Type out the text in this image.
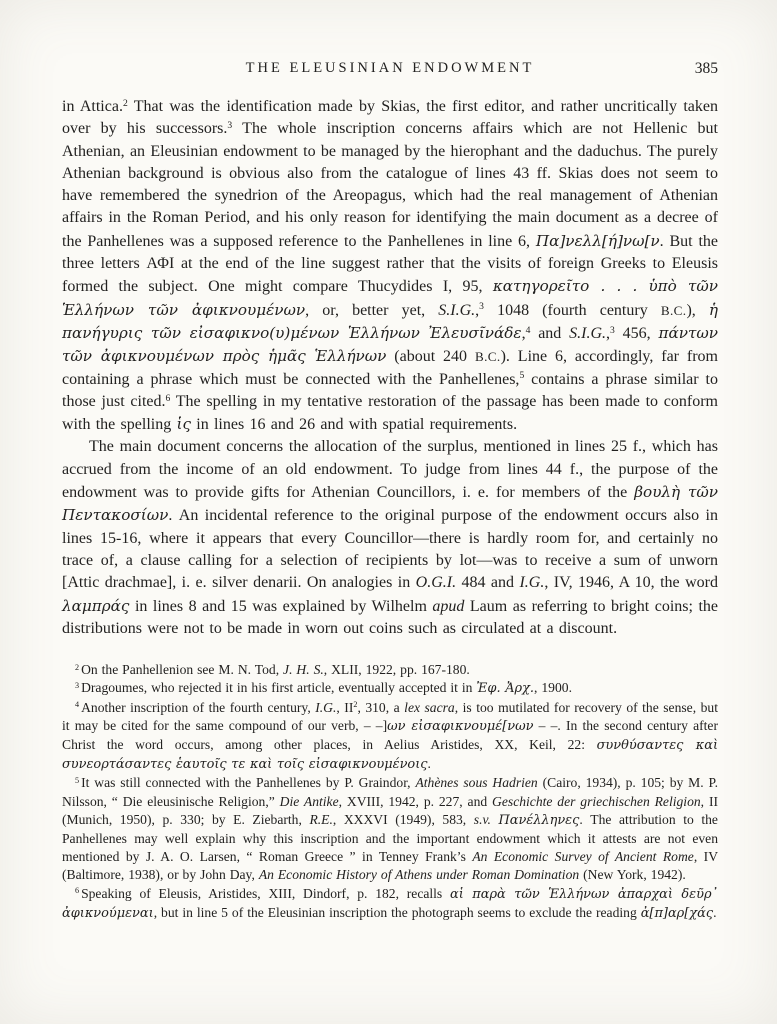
THE ELEUSINIAN ENDOWMENT	385

in Attica.$^2$ That was the identification made by Skias, the first editor, and rather uncritically taken over by his successors.$^3$ The whole inscription concerns affairs which are not Hellenic but Athenian, an Eleusinian endowment to be managed by the hierophant and the daduchus. The purely Athenian background is obvious also from the catalogue of lines 43 ff. Skias does not seem to have remembered the synedrion of the Areopagus, which had the real management of Athenian affairs in the Roman Period, and his only reason for identifying the main document as a decree of the Panhellenes was a supposed reference to the Panhellenes in line 6, Πα]νελλ[ή]νω[ν. But the three letters ΑΦΙ at the end of the line suggest rather that the visits of foreign Greeks to Eleusis formed the subject. One might compare Thucydides I, 95, κατηγορεῖτο . . . ὑπὸ τῶν Ἑλλήνων τῶν ἀφικνουμένων, or, better yet, S.I.G.,$^3$ 1048 (fourth century B.C.), ἡ πανήγυρις τῶν εἰσαφικνο(υ)μένων Ἑλλήνων Ἐλευσῖνάδε,$^4$ and S.I.G.,$^3$ 456, πάντων τῶν ἀφικνουμένων πρὸς ἡμᾶς Ἑλλήνων (about 240 B.C.). Line 6, accordingly, far from containing a phrase which must be connected with the Panhellenes,$^5$ contains a phrase similar to those just cited.$^6$ The spelling in my tentative restoration of the passage has been made to conform with the spelling ἱς in lines 16 and 26 and with spatial requirements.

The main document concerns the allocation of the surplus, mentioned in lines 25 f., which has accrued from the income of an old endowment. To judge from lines 44 f., the purpose of the endowment was to provide gifts for Athenian Councillors, i. e. for members of the βουλὴ τῶν Πεντακοσίων. An incidental reference to the original purpose of the endowment occurs also in lines 15-16, where it appears that every Councillor—there is hardly room for, and certainly no trace of, a clause calling for a selection of recipients by lot—was to receive a sum of unworn [Attic drachmae], i. e. silver denarii. On analogies in O.G.I. 484 and I.G., IV, 1946, A 10, the word λαμπράς in lines 8 and 15 was explained by Wilhelm apud Laum as referring to bright coins; the distributions were not to be made in worn out coins such as circulated at a discount.

$^2$ On the Panhellenion see M. N. Tod, J. H. S., XLII, 1922, pp. 167-180.

$^3$ Dragoumes, who rejected it in his first article, eventually accepted it in Ἐφ. Ἀρχ., 1900.

$^4$ Another inscription of the fourth century, I.G., $II^2$, 310, a lex sacra, is too mutilated for recovery of the sense, but it may be cited for the same compound of our verb, – –]ων εἰσαφικνουμέ[νων – –. In the second century after Christ the word occurs, among other places, in Aelius Aristides, XX, Keil, 22: συνθύσαντες καὶ συνεορτάσαντες ἑαυτοῖς τε καὶ τοῖς εἰσαφικνουμένοις.

$^5$ It was still connected with the Panhellenes by P. Graindor, Athènes sous Hadrien (Cairo, 1934), p. 105; by M. P. Nilsson, “ Die eleusinische Religion,” Die Antike, XVIII, 1942, p. 227, and Geschichte der griechischen Religion, II (Munich, 1950), p. 330; by E. Ziebarth, R.E., XXXVI (1949), 583, s.v. Πανέλληνες. The attribution to the Panhellenes may well explain why this inscription and the important endowment which it attests are not even mentioned by J. A. O. Larsen, “ Roman Greece ” in Tenney Frank’s An Economic Survey of Ancient Rome, IV (Baltimore, 1938), or by John Day, An Economic History of Athens under Roman Domination (New York, 1942).

$^6$ Speaking of Eleusis, Aristides, XIII, Dindorf, p. 182, recalls αἱ παρὰ τῶν Ἑλλήνων ἀπαρχαὶ δεῦρ᾽ ἀφικνούμεναι, but in line 5 of the Eleusinian inscription the photograph seems to exclude the reading ἀ[π]αρ[χάς.
